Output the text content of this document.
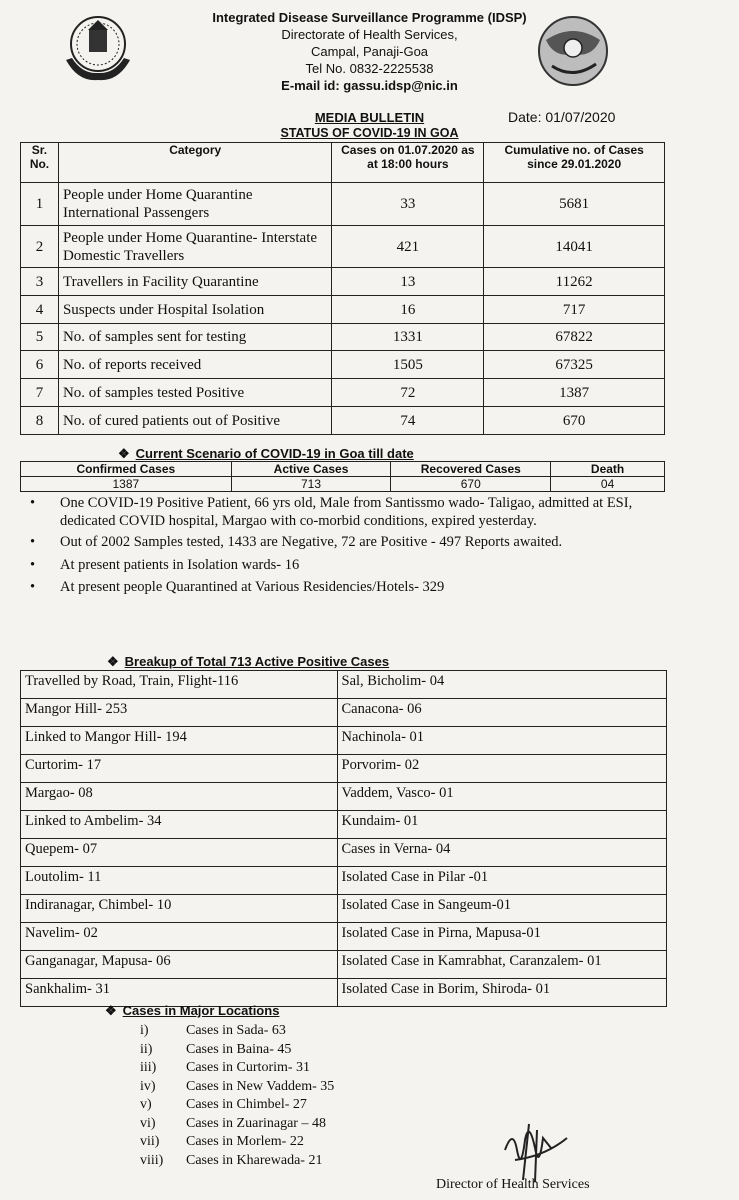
Integrated Disease Surveillance Programme (IDSP)
Directorate of Health Services,
Campal, Panaji-Goa
Tel No. 0832-2225538
E-mail id: gassu.idsp@nic.in
MEDIA BULLETIN
STATUS OF COVID-19 IN GOA
Date: 01/07/2020
Sr. No.	Category	Cases on 01.07.2020 as at 18:00 hours	Cumulative no. of Cases since 29.01.2020
1	People under Home Quarantine International Passengers	33	5681
2	People under Home Quarantine- Interstate Domestic Travellers	421	14041
3	Travellers in Facility Quarantine	13	11262
4	Suspects under Hospital Isolation	16	717
5	No. of samples sent for testing	1331	67822
6	No. of reports received	1505	67325
7	No. of samples tested Positive	72	1387
8	No. of cured patients out of Positive	74	670
❖ Current Scenario of COVID-19 in Goa till date
Confirmed Cases	Active Cases	Recovered Cases	Death
1387	713	670	04
• One COVID-19 Positive Patient, 66 yrs old, Male from Santissmo wado- Taligao, admitted at ESI, dedicated COVID hospital, Margao with co-morbid conditions, expired yesterday.
• Out of 2002 Samples tested, 1433 are Negative, 72 are Positive - 497 Reports awaited.
• At present patients in Isolation wards- 16
• At present people Quarantined at Various Residencies/Hotels- 329
❖ Breakup of Total 713 Active Positive Cases
Travelled by Road, Train, Flight-116	Sal, Bicholim- 04
Mangor Hill- 253	Canacona- 06
Linked to Mangor Hill- 194	Nachinola- 01
Curtorim- 17	Porvorim- 02
Margao- 08	Vaddem, Vasco- 01
Linked to Ambelim- 34	Kundaim- 01
Quepem- 07	Cases in Verna- 04
Loutolim- 11	Isolated Case in Pilar -01
Indiranagar, Chimbel- 10	Isolated Case in Sangeum-01
Navelim- 02	Isolated Case in Pirna, Mapusa-01
Ganganagar, Mapusa- 06	Isolated Case in Kamrabhat, Caranzalem- 01
Sankhalim- 31	Isolated Case in Borim, Shiroda- 01
❖ Cases in Major Locations
i)	Cases in Sada- 63
ii) Cases in Baina- 45
iii) Cases in Curtorim- 31
iv) Cases in New Vaddem- 35
v) Cases in Chimbel- 27
vi) Cases in Zuarinagar – 48
vii) Cases in Morlem- 22
viii) Cases in Kharewada- 21
Director of Health Services
